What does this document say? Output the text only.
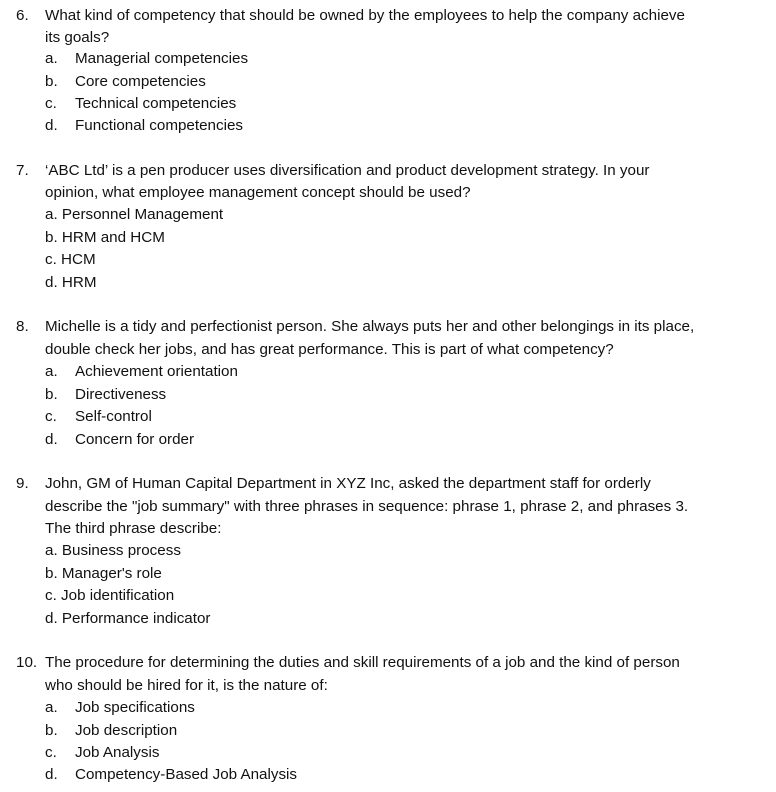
6. What kind of competency that should be owned by the employees to help the company achieve
its goals?
a. Managerial competencies
b. Core competencies
c. Technical competencies
d. Functional competencies
7. ‘ABC Ltd’ is a pen producer uses diversification and product development strategy. In your
opinion, what employee management concept should be used?
a. Personnel Management
b. HRM and HCM
c. HCM
d. HRM
8. Michelle is a tidy and perfectionist person. She always puts her and other belongings in its place,
double check her jobs, and has great performance. This is part of what competency?
a. Achievement orientation
b. Directiveness
c. Self-control
d. Concern for order
9. John, GM of Human Capital Department in XYZ Inc, asked the department staff for orderly
describe the "job summary" with three phrases in sequence: phrase 1, phrase 2, and phrases 3.
The third phrase describe:
a. Business process
b. Manager's role
c. Job identification
d. Performance indicator
10. The procedure for determining the duties and skill requirements of a job and the kind of person
who should be hired for it, is the nature of:
a. Job specifications
b. Job description
c. Job Analysis
d. Competency-Based Job Analysis
